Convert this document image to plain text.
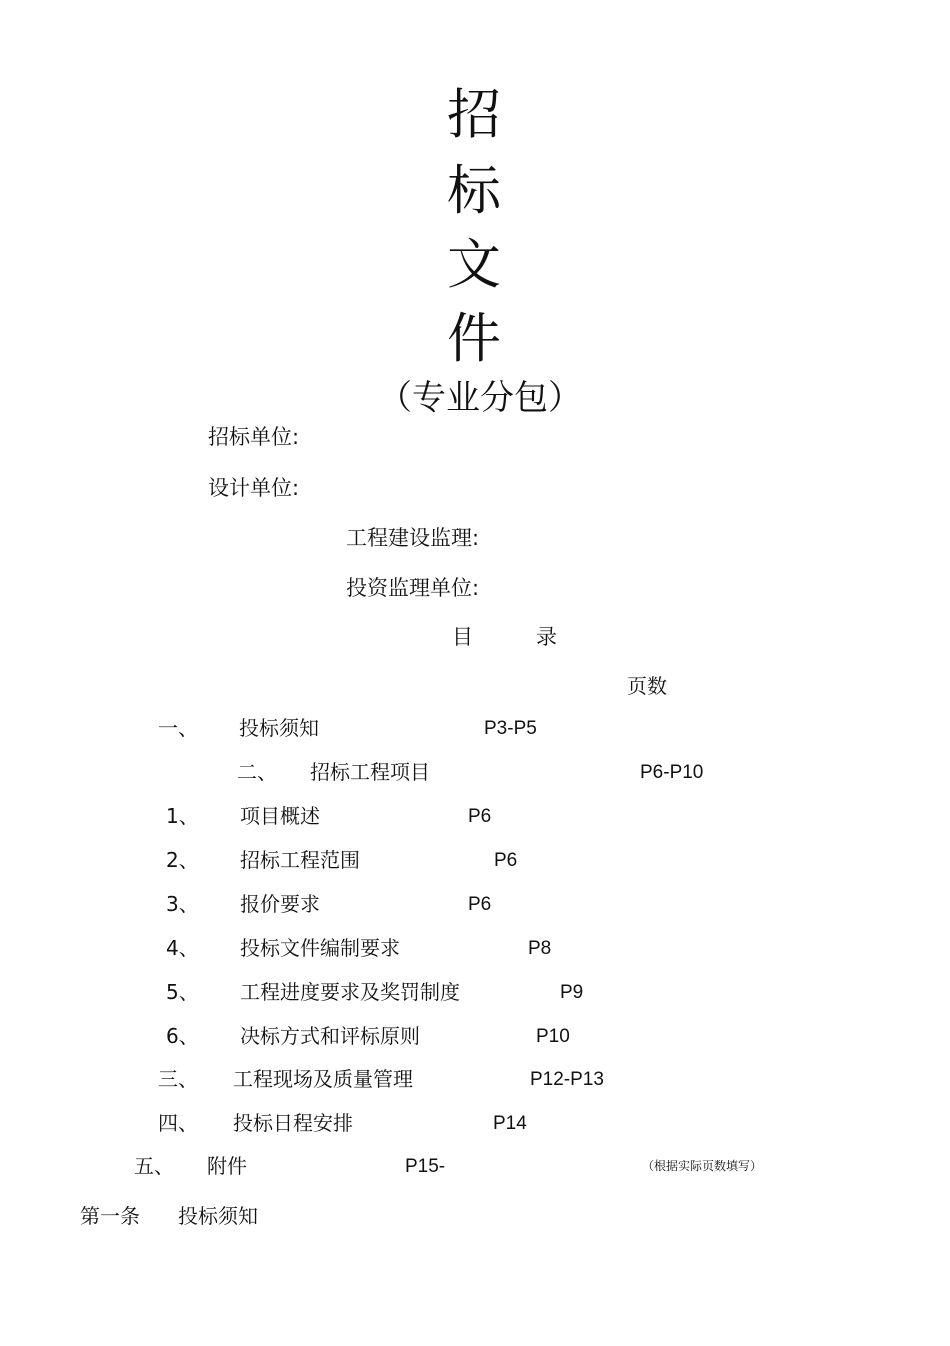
招
标
文
件
（专业分包）
招标单位:
设计单位:
工程建设监理:
投资监理单位:
目	录
页数
一、 投标须知	P3-P5
二、 招标工程项目	P6-P10
1、 项目概述	P6
2、 招标工程范围	P6
3、 报价要求	P6
4、 投标文件编制要求	P8
5、 工程进度要求及奖罚制度	P9
6、 决标方式和评标原则	P10
三、 工程现场及质量管理	P12-P13
四、 投标日程安排	P14
五、 附件	P15-	（根据实际页数填写）
第一条 投标须知
